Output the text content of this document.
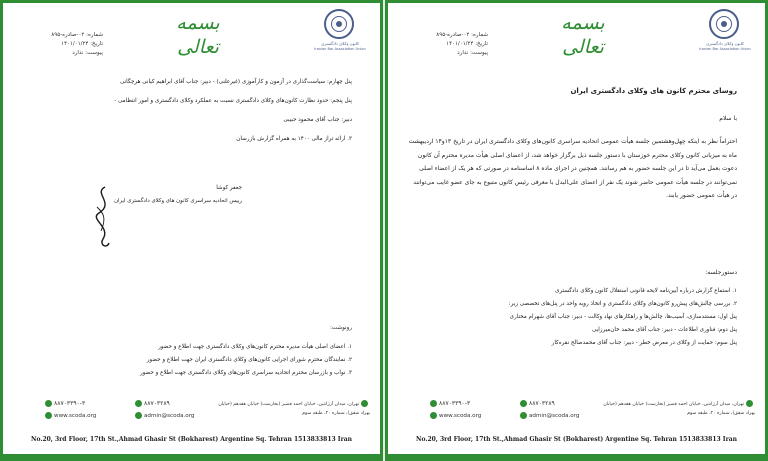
کانون وکلای دادگستری
Iranian Bar Association Union
بسمه تعالی
شماره: ۰۲-صادره-۸۹۵
تاریخ: ۱۴۰۱/۰۱/۲۴
پیوست: ندارد
پنل چهارم: سیاست‌گذاری در آزمون و کارآموزی (غیرعلنی) - دبیر: جناب آقای ابراهیم کیانی هرچگانی
پنل پنجم: حدود نظارت کانون‌های وکلای دادگستری نسبت به عملکرد وکلای دادگستری و امور انتظامی -
دبیر: جناب آقای محمود حبیبی
۳. ارائه تراز مالی ۱۴۰۰ به همراه گزارش بازرسان
جعفر کوشا
رییس اتحادیه سراسری کانون های وکلای دادگستری ایران
رونوشت:
۱. اعضای اصلی هیأت مدیره محترم کانون‌های وکلای دادگستری جهت اطلاع و حضور
۲. نمایندگان محترم شورای اجرایی کانون‌های وکلای دادگستری ایران جهت اطلاع و حضور
۳. نواب و بازرسان محترم اتحادیه سراسری کانون‌های وکلای دادگستری جهت اطلاع و حضور
۸۸۷۰۳۳۹۰-۳	۸۸۷۰۳۲۸۹	تهران، میدان آرژانتین، خیابان احمد قصیر (بخارست) خیابان هفدهم (خیابان بهزاد شفق)، شماره ۲۰، طبقه سوم
www.scoda.org	admin@scoda.org
No.20, 3rd Floor, 17th St.,Ahmad Ghasir St (Bokharest) Argentine Sq. Tehran 1513833813 Iran
کانون وکلای دادگستری
Iranian Bar Association Union
بسمه تعالی
شماره: ۰۲-صادره-۸۹۵
تاریخ: ۱۴۰۱/۰۱/۲۴
پیوست: ندارد
روسای محترم کانون های وکلای دادگستری ایران
با سلام
احتراماً نظر به اینکه چهل‌وهشتمین جلسه هیأت عمومی اتحادیه سراسری کانون‌های وکلای دادگستری ایران در تاریخ ۱۳و۱۴ اردیبهشت ماه به میزبانی کانون وکلای محترم خوزستان با دستور جلسه ذیل برگزار خواهد شد، از اعضای اصلی هیأت مدیره محترم آن کانون دعوت بعمل می‌آید تا در این جلسه حضور به هم رسانند. همچنین در اجرای ماده ۸ اساسنامه در صورتی که هر یک از اعضاء اصلی نمی‌توانند در جلسه هیأت عمومی حاضر شوند یک نفر از اعضای علی‌البدل با معرفی رئیس کانون متبوع به جای عضو غایب می‌توانند در هیأت عمومی حضور یابند.
دستورجلسه:
۱. استماع گزارش درباره آیین‌نامه لایحه قانونی استقلال کانون وکلای دادگستری
۲. بررسی چالش‌های پیش‌رو کانون‌های وکلای دادگستری و اتخاذ رویه واحد در پنل‌های تخصصی زیر:
پنل اول: مستندسازی، آسیب‌ها، چالش‌ها و راهکارهای نهاد وکالت - دبیر: جناب آقای شهرام مختاری
پنل دوم: فناوری اطلاعات - دبیر: جناب آقای محمد خان‌میرزایی
پنل سوم: حمایت از وکلای در معرض خطر - دبیر: جناب آقای محمدصالح نقره‌کار
۸۸۷۰۳۳۹۰-۳	۸۸۷۰۳۲۸۹	تهران، میدان آرژانتین، خیابان احمد قصیر (بخارست) خیابان هفدهم (خیابان بهزاد شفق)، شماره ۲۰، طبقه سوم
www.scoda.org	admin@scoda.org
No.20, 3rd Floor, 17th St.,Ahmad Ghasir St (Bokharest) Argentine Sq. Tehran 1513833813 Iran
